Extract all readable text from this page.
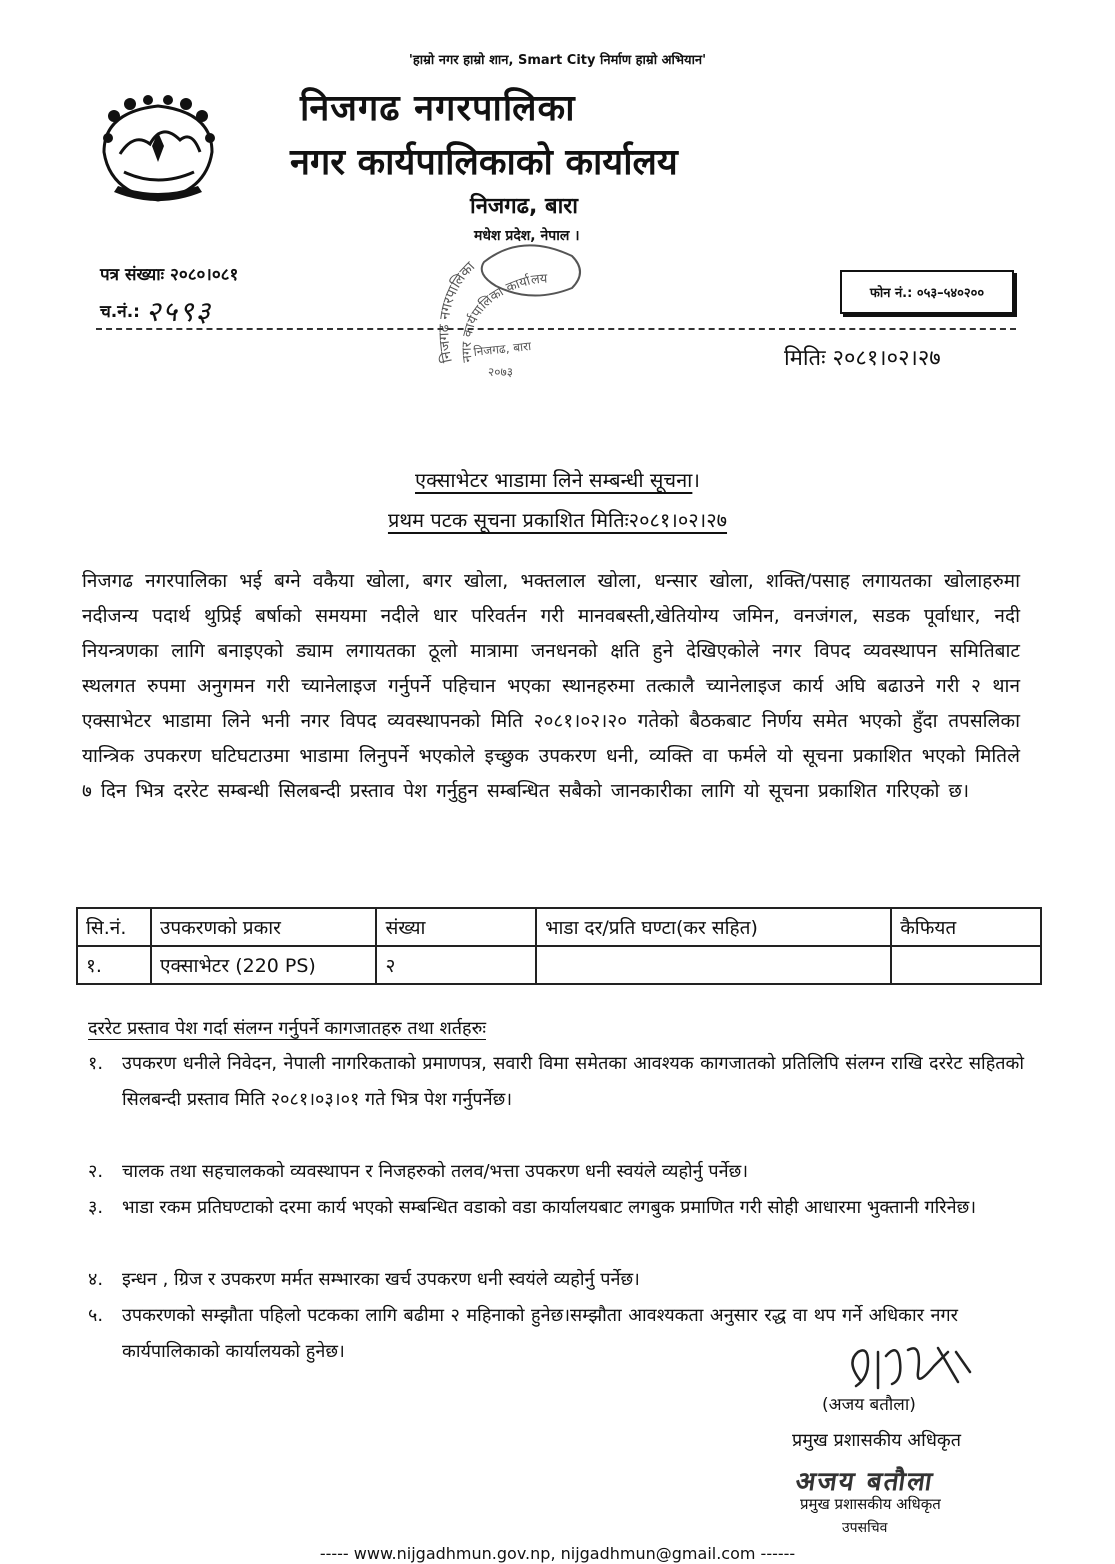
'हाम्रो नगर हाम्रो शान, Smart City निर्माण हाम्रो अभियान'
निजगढ नगरपालिका
नगर कार्यपालिकाको कार्यालय
निजगढ, बारा
मधेश प्रदेश, नेपाल ।
निजगढ नगरपालिका
नगर कार्यपालिका कार्यालय
निजगढ, बारा
२०७३
पत्र संख्याः २०८०।०८१
च.नं.: २५९३
फोन नं.: ०५३–५४०२००
मितिः २०८१।०२।२७
एक्साभेटर भाडामा लिने सम्बन्धी सूचना।
प्रथम पटक सूचना प्रकाशित मितिः२०८१।०२।२७
निजगढ नगरपालिका भई बग्ने वकैया खोला, बगर खोला, भक्तलाल खोला, धन्सार खोला, शक्ति/पसाह लगायतका खोलाहरुमा नदीजन्य पदार्थ थुप्रिई बर्षाको समयमा नदीले धार परिवर्तन गरी मानवबस्ती,खेतियोग्य जमिन, वनजंगल, सडक पूर्वाधार, नदी नियन्त्रणका लागि बनाइएको ड्याम लगायतका ठूलो मात्रामा जनधनको क्षति हुने देखिएकोले नगर विपद व्यवस्थापन समितिबाट स्थलगत रुपमा अनुगमन गरी च्यानेलाइज गर्नुपर्ने पहिचान भएका स्थानहरुमा तत्कालै च्यानेलाइज कार्य अघि बढाउने गरी २ थान एक्साभेटर भाडामा लिने भनी नगर विपद व्यवस्थापनको मिति २०८१।०२।२० गतेको बैठकबाट निर्णय समेत भएको हुँदा तपसलिका यान्त्रिक उपकरण घटिघटाउमा भाडामा लिनुपर्ने भएकोले इच्छुक उपकरण धनी, व्यक्ति वा फर्मले यो सूचना प्रकाशित भएको मितिले ७ दिन भित्र दररेट सम्बन्धी सिलबन्दी प्रस्ताव पेश गर्नुहुन सम्बन्धित सबैको जानकारीका लागि यो सूचना प्रकाशित गरिएको छ।
सि.नं.	उपकरणको प्रकार	संख्या	भाडा दर/प्रति घण्टा(कर सहित)	कैफियत
१.	एक्साभेटर (220 PS)	२		
दररेट प्रस्ताव पेश गर्दा संलग्न गर्नुपर्ने कागजातहरु तथा शर्तहरुः
१. उपकरण धनीले निवेदन, नेपाली नागरिकताको प्रमाणपत्र, सवारी विमा समेतका आवश्यक कागजातको प्रतिलिपि संलग्न राखि दररेट सहितको सिलबन्दी प्रस्ताव मिति २०८१।०३।०१ गते भित्र पेश गर्नुपर्नेछ।
२. चालक तथा सहचालकको व्यवस्थापन र निजहरुको तलव/भत्ता उपकरण धनी स्वयंले व्यहोर्नु पर्नेछ।
३. भाडा रकम प्रतिघण्टाको दरमा कार्य भएको सम्बन्धित वडाको वडा कार्यालयबाट लगबुक प्रमाणित गरी सोही आधारमा भुक्तानी गरिनेछ।
४. इन्धन , ग्रिज र उपकरण मर्मत सम्भारका खर्च उपकरण धनी स्वयंले व्यहोर्नु पर्नेछ।
५. उपकरणको सम्झौता पहिलो पटकका लागि बढीमा २ महिनाको हुनेछ।सम्झौता आवश्यकता अनुसार रद्ध वा थप गर्ने अधिकार नगर कार्यपालिकाको कार्यालयको हुनेछ।
(अजय बतौला)
प्रमुख प्रशासकीय अधिकृत
अजय बतौला
प्रमुख प्रशासकीय अधिकृत
उपसचिव
----- www.nijgadhmun.gov.np, nijgadhmun@gmail.com ------
